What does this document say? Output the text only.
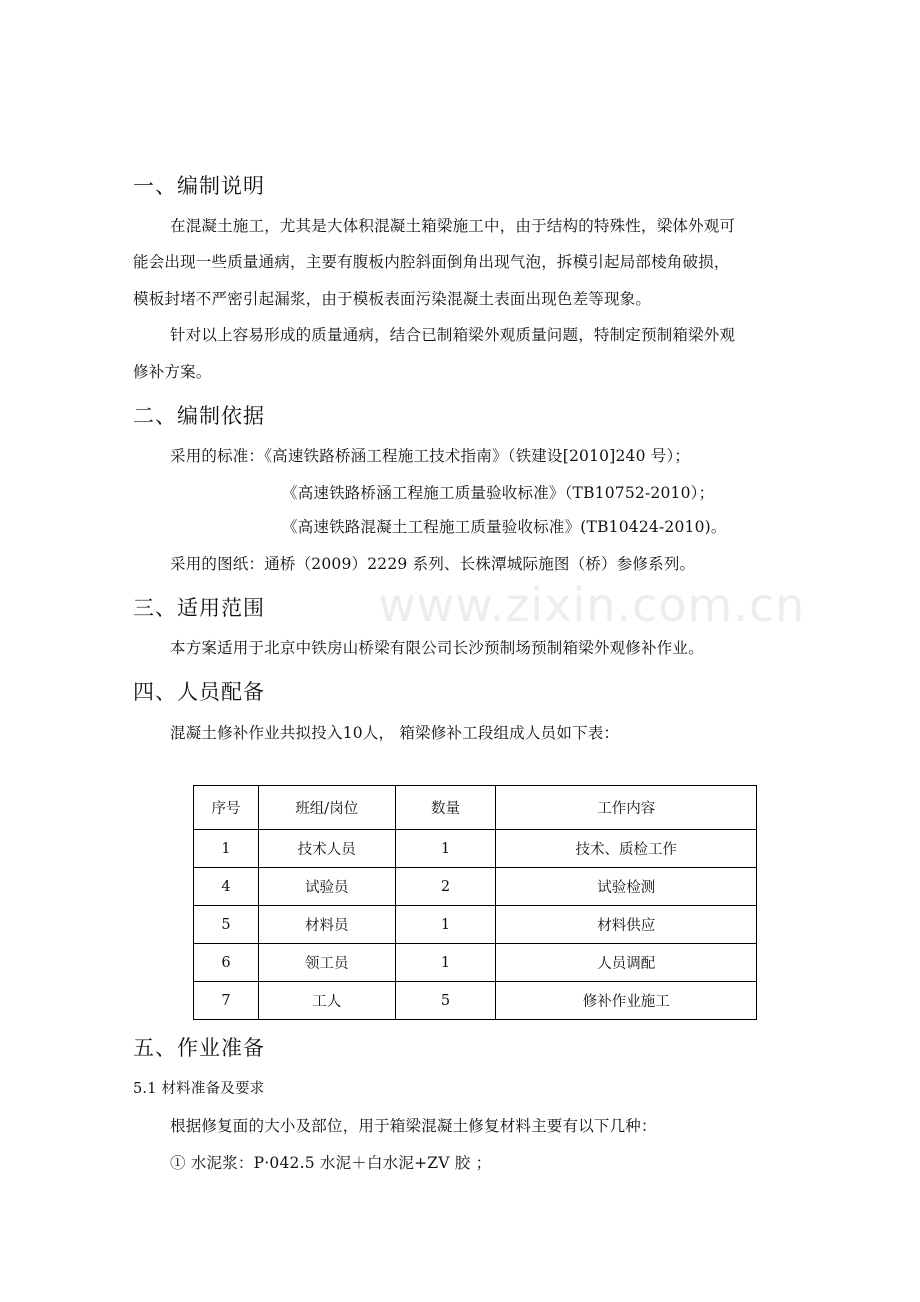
www.zixin.com.cn
一、编制说明
在混凝土施工，尤其是大体积混凝土箱梁施工中，由于结构的特殊性，梁体外观可
能会出现一些质量通病，主要有腹板内腔斜面倒角出现气泡，拆模引起局部棱角破损，
模板封堵不严密引起漏浆，由于模板表面污染混凝土表面出现色差等现象。
针对以上容易形成的质量通病，结合已制箱梁外观质量问题，特制定预制箱梁外观
修补方案。
二、编制依据
采用的标准：《高速铁路桥涵工程施工技术指南》（铁建设[2010]240 号）；
《高速铁路桥涵工程施工质量验收标准》（TB10752-2010）；
《高速铁路混凝土工程施工质量验收标准》(TB10424-2010)。
采用的图纸：通桥（2009）2229 系列、长株潭城际施图（桥）参修系列。
三、适用范围
本方案适用于北京中铁房山桥梁有限公司长沙预制场预制箱梁外观修补作业。
四、人员配备
混凝土修补作业共拟投入10人， 箱梁修补工段组成人员如下表：
序号	班组/岗位	数量	工作内容
1	技术人员	1	技术、质检工作
4	试验员	2	试验检测
5	材料员	1	材料供应
6	领工员	1	人员调配
7	工人	5	修补作业施工
五、作业准备
5.1 材料准备及要求
根据修复面的大小及部位，用于箱梁混凝土修复材料主要有以下几种：
① 水泥浆：P·042.5 水泥＋白水泥+ZV 胶 ；
